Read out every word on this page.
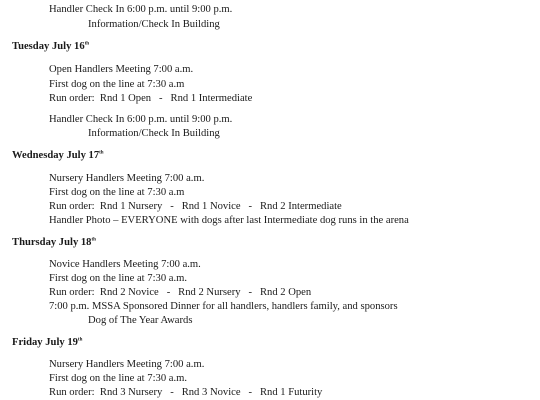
Handler Check In 6:00 p.m. until 9:00 p.m.
Information/Check In Building
Tuesday July 16th
Open Handlers Meeting 7:00 a.m.
First dog on the line at 7:30 a.m
Run order:  Rnd 1 Open   -   Rnd 1 Intermediate
Handler Check In 6:00 p.m. until 9:00 p.m.
Information/Check In Building
Wednesday July 17th
Nursery Handlers Meeting 7:00 a.m.
First dog on the line at 7:30 a.m
Run order:  Rnd 1 Nursery   -   Rnd 1 Novice   -   Rnd 2 Intermediate
Handler Photo – EVERYONE with dogs after last Intermediate dog runs in the arena
Thursday July 18th
Novice Handlers Meeting 7:00 a.m.
First dog on the line at 7:30 a.m.
Run order:  Rnd 2 Novice   -   Rnd 2 Nursery   -   Rnd 2 Open
7:00 p.m. MSSA Sponsored Dinner for all handlers, handlers family, and sponsors
Dog of The Year Awards
Friday July 19th
Nursery Handlers Meeting 7:00 a.m.
First dog on the line at 7:30 a.m.
Run order:  Rnd 3 Nursery   -   Rnd 3 Novice   -   Rnd 1 Futurity
